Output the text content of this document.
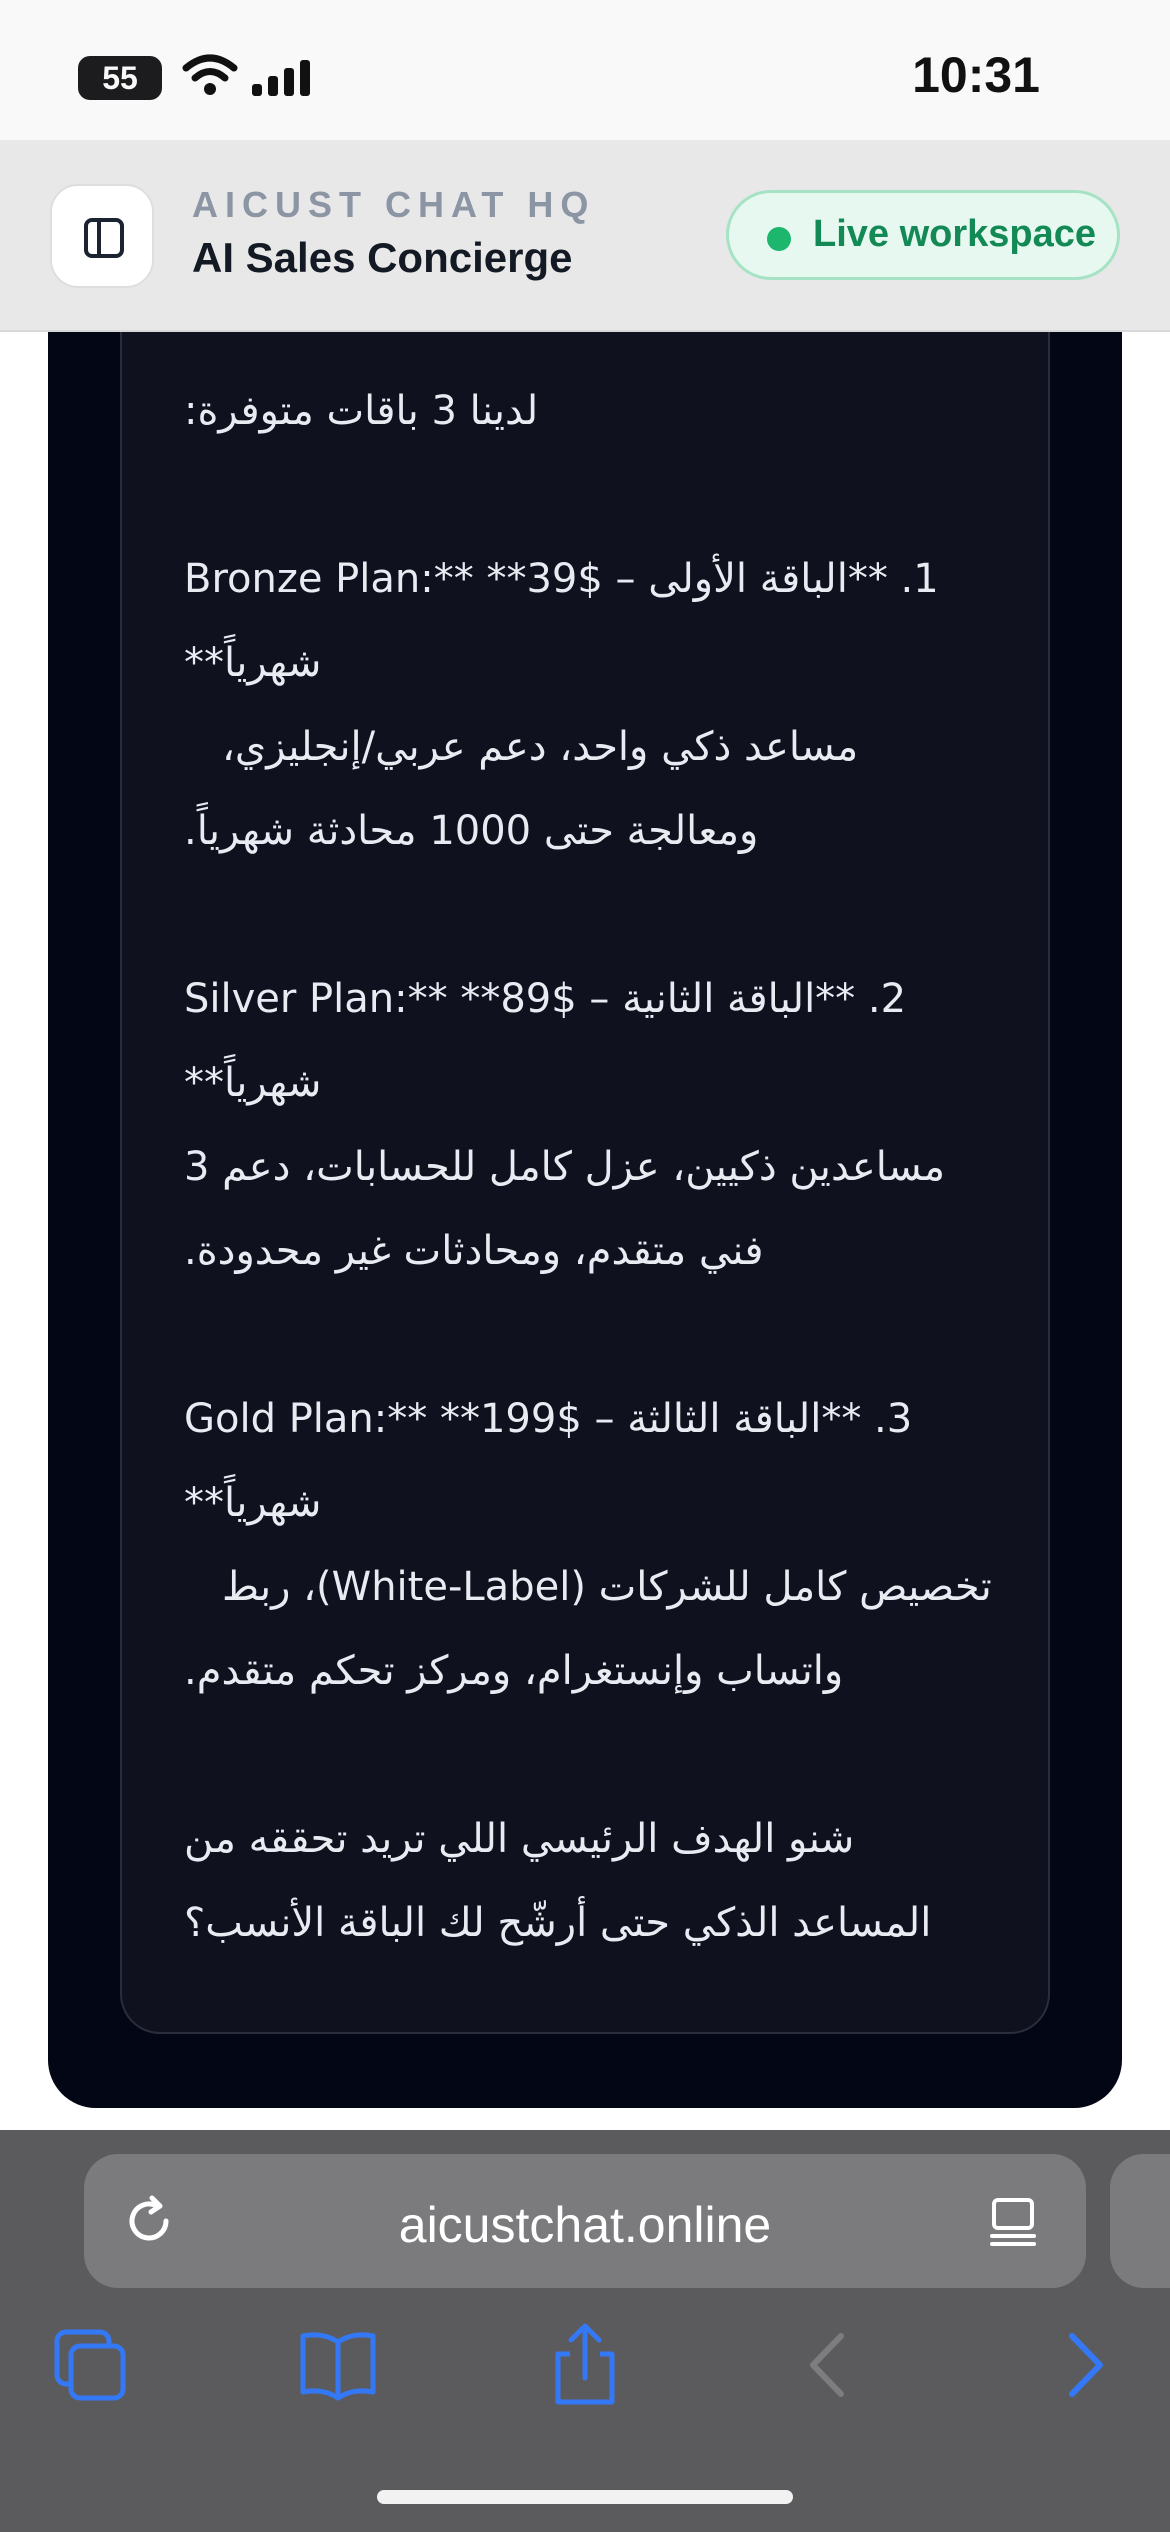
55	10:31
AICUST CHAT HQ
AI Sales Concierge	Live workspace
لدينا 3 باقات متوفرة:
1. **الباقة الأولى – Bronze Plan:** **39$
شهرياً**
مساعد ذكي واحد، دعم عربي/إنجليزي،
ومعالجة حتى 1000 محادثة شهرياً.
2. **الباقة الثانية – Silver Plan:** **89$
شهرياً**
مساعدين ذكيين، عزل كامل للحسابات، دعم 3
فني متقدم، ومحادثات غير محدودة.
3. **الباقة الثالثة – Gold Plan:** **199$
شهرياً**
تخصيص كامل للشركات (White-Label)، ربط
واتساب وإنستغرام، ومركز تحكم متقدم.
شنو الهدف الرئيسي اللي تريد تحققه من
المساعد الذكي حتى أرشّح لك الباقة الأنسب؟
aicustchat.online
